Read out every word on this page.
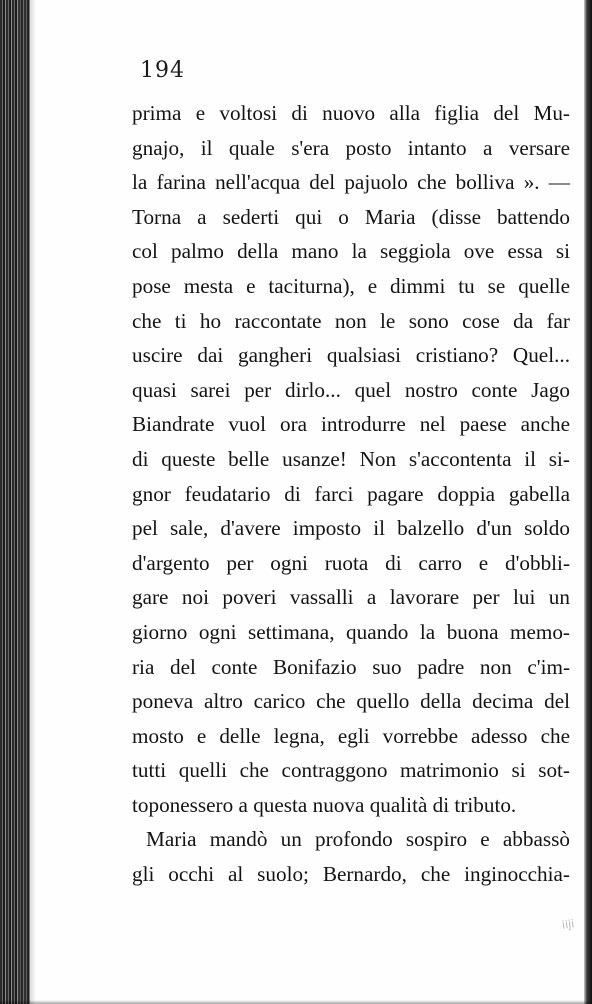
194
prima e voltosi di nuovo alla figlia del Mu-
gnajo, il quale s'era posto intanto a versare
la farina nell'acqua del pajuolo che bolliva ». —
Torna a sederti qui o Maria (disse battendo
col palmo della mano la seggiola ove essa si
pose mesta e taciturna), e dimmi tu se quelle
che ti ho raccontate non le sono cose da far
uscire dai gangheri qualsiasi cristiano? Quel...
quasi sarei per dirlo... quel nostro conte Jago
Biandrate vuol ora introdurre nel paese anche
di queste belle usanze! Non s'accontenta il si-
gnor feudatario di farci pagare doppia gabella
pel sale, d'avere imposto il balzello d'un soldo
d'argento per ogni ruota di carro e d'obbli-
gare noi poveri vassalli a lavorare per lui un
giorno ogni settimana, quando la buona memo-
ria del conte Bonifazio suo padre non c'im-
poneva altro carico che quello della decima del
mosto e delle legna, egli vorrebbe adesso che
tutti quelli che contraggono matrimonio si sot-
toponessero a questa nuova qualità di tributo.
Maria mandò un profondo sospiro e abbassò
gli occhi al suolo; Bernardo, che inginocchia-
iiji
